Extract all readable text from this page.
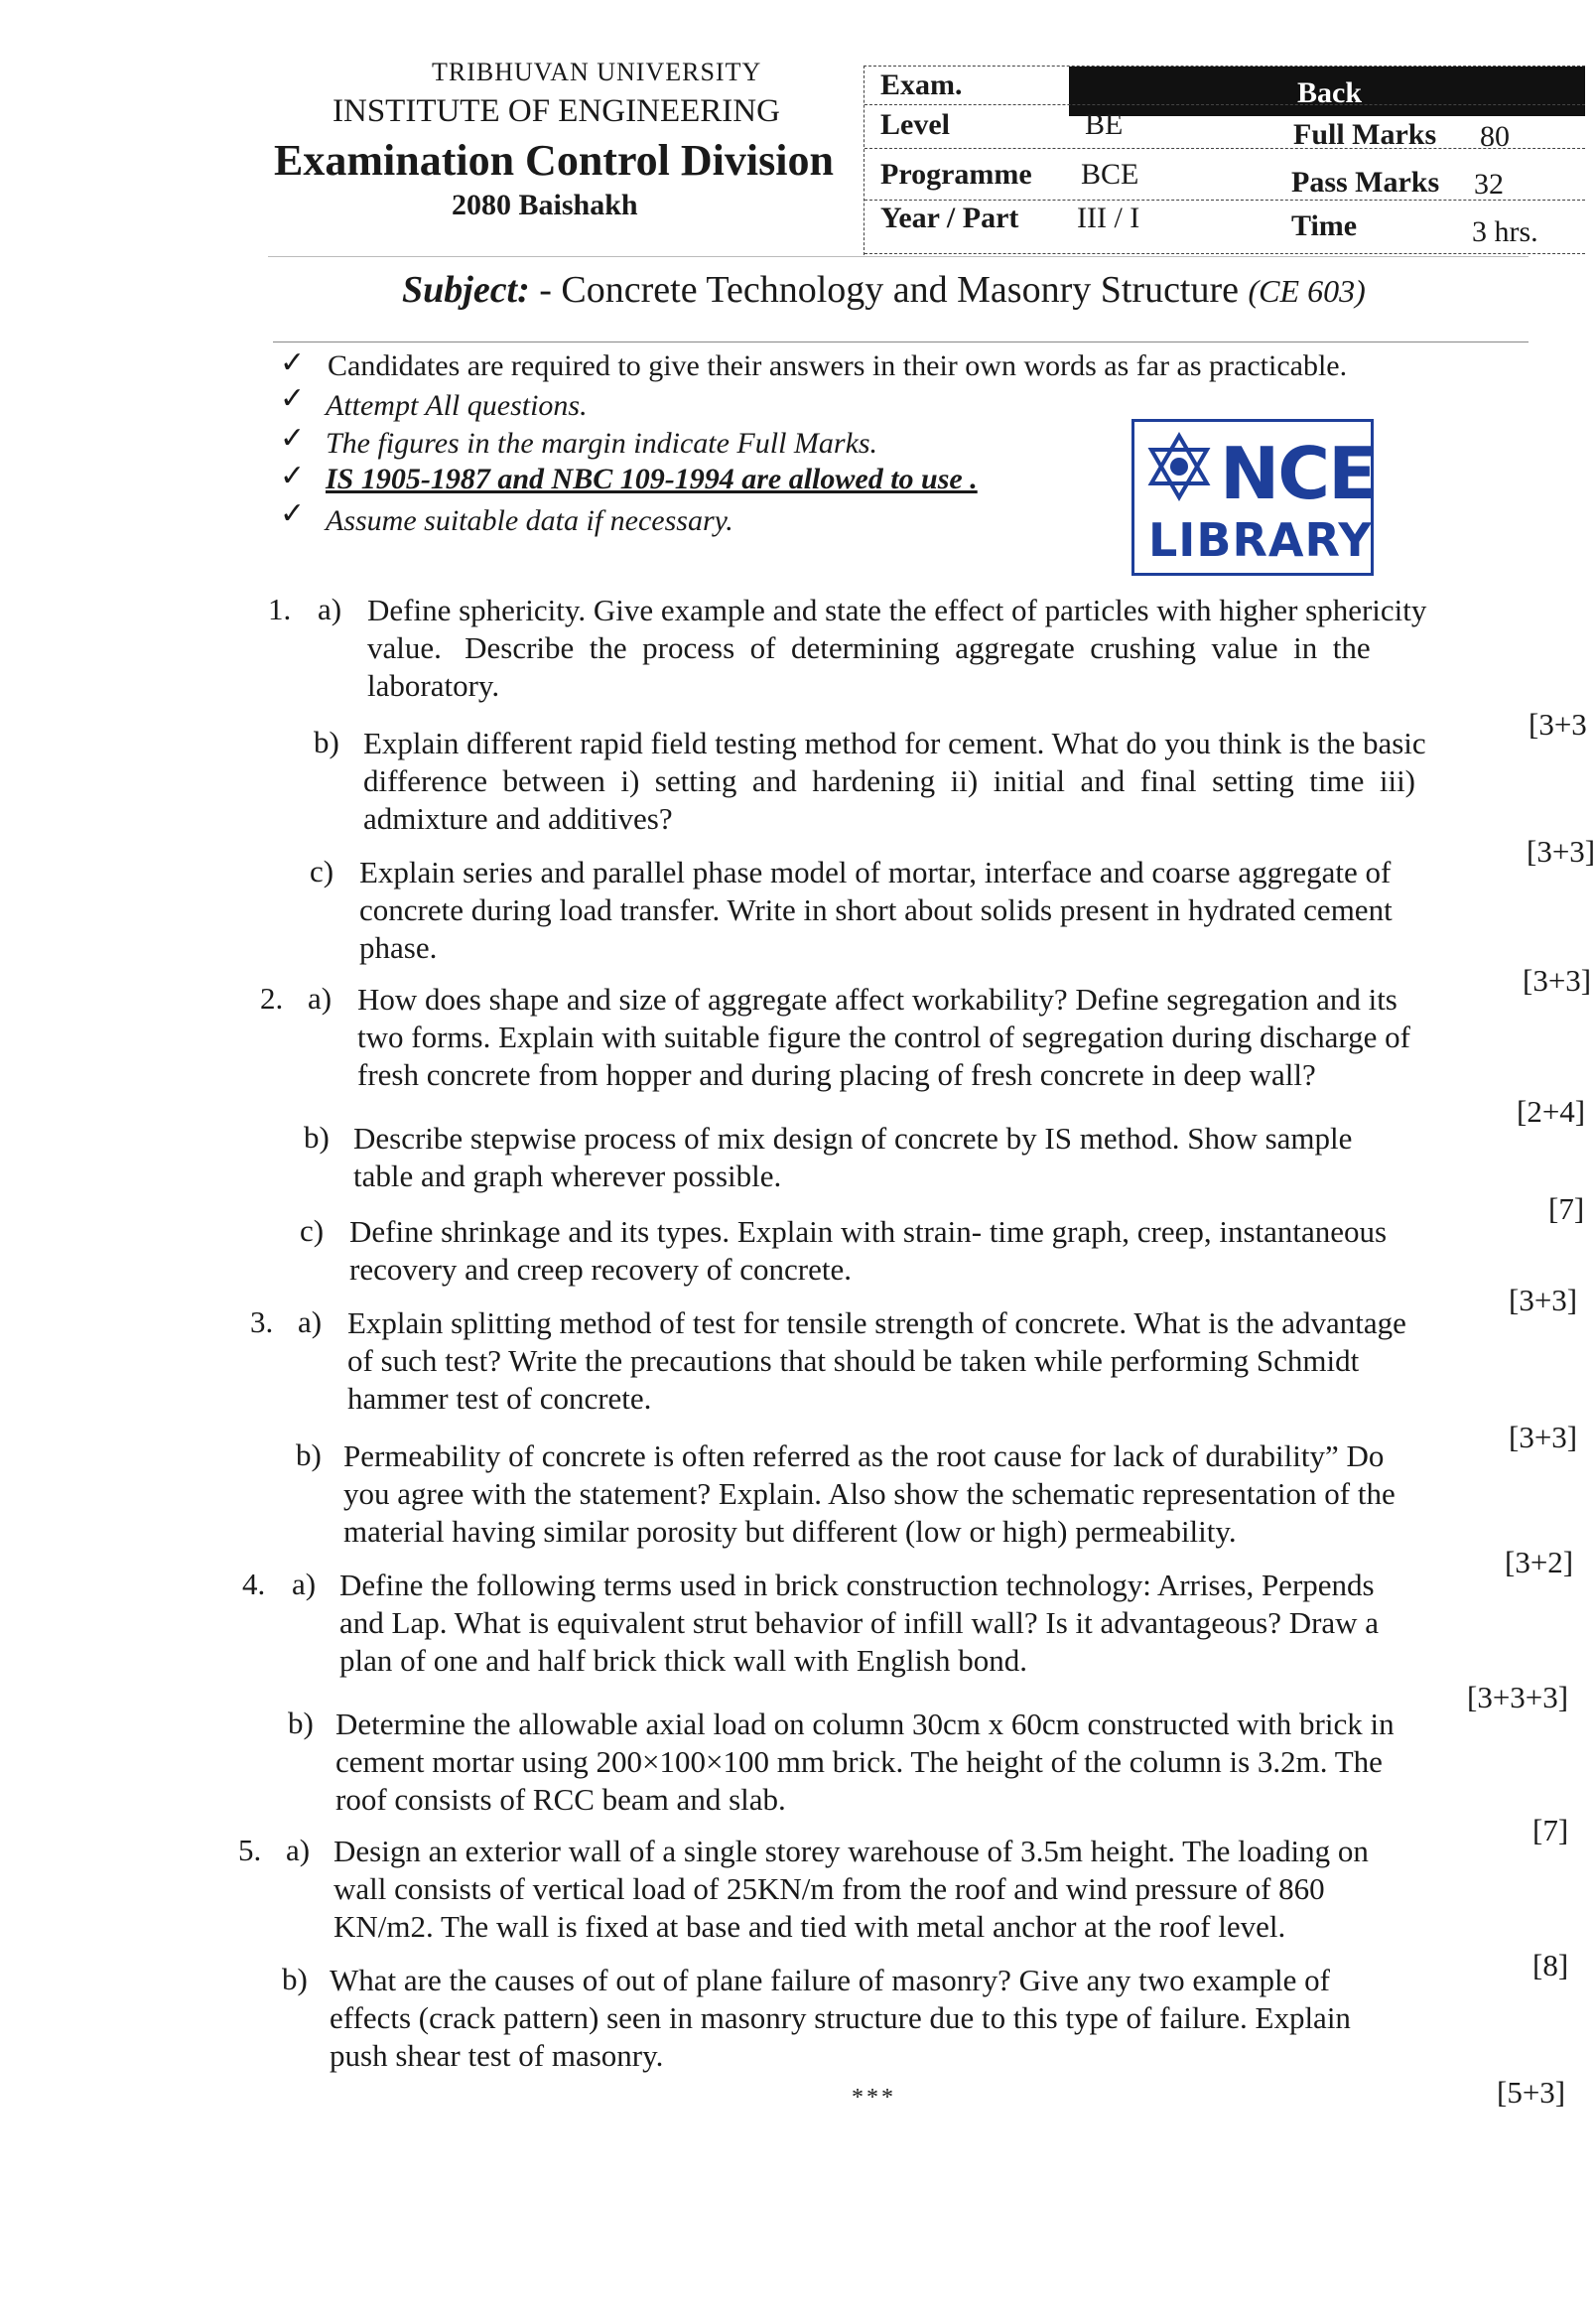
TRIBHUVAN UNIVERSITY
INSTITUTE OF ENGINEERING
Examination Control Division
2080 Baishakh
Exam.	Back
Level	BE	Full Marks 80
Programme BCE	Pass Marks 32
Year / Part III / I	Time	3 hrs.
Subject: - Concrete Technology and Masonry Structure (CE 603)
✓ Candidates are required to give their answers in their own words as far as practicable.
✓ Attempt All questions.
✓ The figures in the margin indicate Full Marks.
✓ IS 1905-1987 and NBC 109-1994 are allowed to use .
✓ Assume suitable data if necessary.
NCE
LIBRARY
1. a) Define sphericity. Give example and state the effect of particles with higher sphericity
value.   Describe  the  process  of  determining  aggregate  crushing  value  in  the
laboratory.
[3+3
b) Explain different rapid field testing method for cement. What do you think is the basic
difference  between  i)  setting  and  hardening  ii)  initial  and  final  setting  time  iii)
admixture and additives?
[3+3]
c) Explain series and parallel phase model of mortar, interface and coarse aggregate of
concrete during load transfer. Write in short about solids present in hydrated cement
phase.
[3+3]
2. a) How does shape and size of aggregate affect workability? Define segregation and its
two forms. Explain with suitable figure the control of segregation during discharge of
fresh concrete from hopper and during placing of fresh concrete in deep wall?
[2+4]
b) Describe stepwise process of mix design of concrete by IS method. Show sample
table and graph wherever possible.
[7]
c) Define shrinkage and its types. Explain with strain- time graph, creep, instantaneous
recovery and creep recovery of concrete.
[3+3]
3. a) Explain splitting method of test for tensile strength of concrete. What is the advantage
of such test? Write the precautions that should be taken while performing Schmidt
hammer test of concrete.
[3+3]
b) Permeability of concrete is often referred as the root cause for lack of durability” Do
you agree with the statement? Explain. Also show the schematic representation of the
material having similar porosity but different (low or high) permeability.
[3+2]
4. a) Define the following terms used in brick construction technology: Arrises, Perpends
and Lap. What is equivalent strut behavior of infill wall? Is it advantageous? Draw a
plan of one and half brick thick wall with English bond.
[3+3+3]
b) Determine the allowable axial load on column 30cm x 60cm constructed with brick in
cement mortar using 200×100×100 mm brick. The height of the column is 3.2m. The
roof consists of RCC beam and slab.
[7]
5. a) Design an exterior wall of a single storey warehouse of 3.5m height. The loading on
wall consists of vertical load of 25KN/m from the roof and wind pressure of 860
KN/m2. The wall is fixed at base and tied with metal anchor at the roof level.
[8]
b) What are the causes of out of plane failure of masonry? Give any two example of
effects (crack pattern) seen in masonry structure due to this type of failure. Explain
push shear test of masonry.
[5+3]
***
